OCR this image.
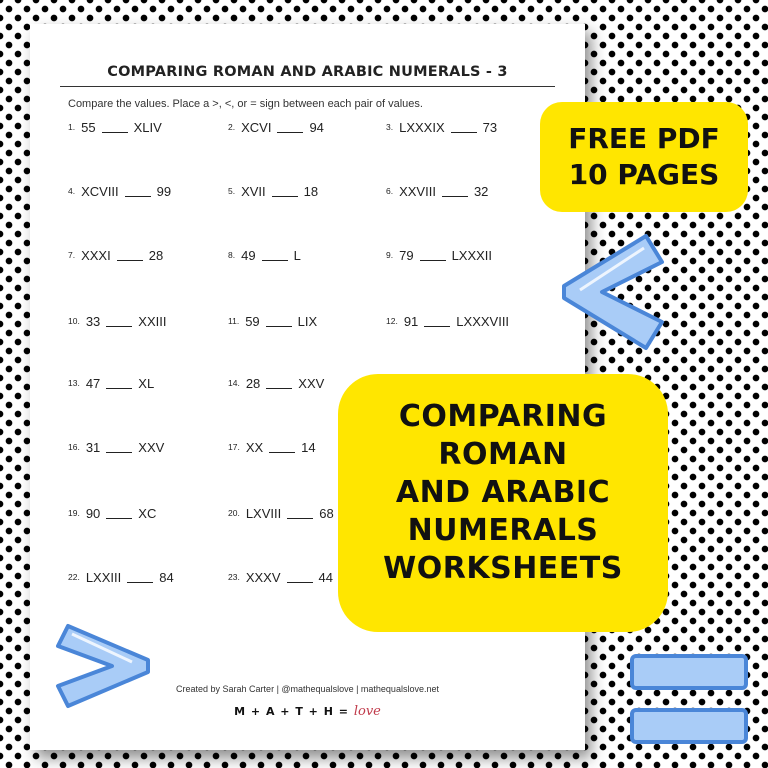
COMPARING ROMAN AND ARABIC NUMERALS - 3
Compare the values. Place a >, <, or = sign between each pair of values.
1. 55	XLIV	2. XCVI	94	3. LXXXIX	73
4. XCVIII	99	5. XVII	18	6. XXVIII	32
7. XXXI	28	8. 49	L	9. 79	LXXXII
10. 33	XXIII	11. 59	LIX	12. 91	LXXXVIII
13. 47	XL	14. 28	XXV
16. 31	XXV	17. XX	14
19. 90	XC	20. LXVIII	68
22. LXXIII	84	23. XXXV	44
Created by Sarah Carter | @mathequalslove | mathequalslove.net
M + A + T + H = love
FREE PDF
10 PAGES
COMPARING
ROMAN
AND ARABIC
NUMERALS
WORKSHEETS
